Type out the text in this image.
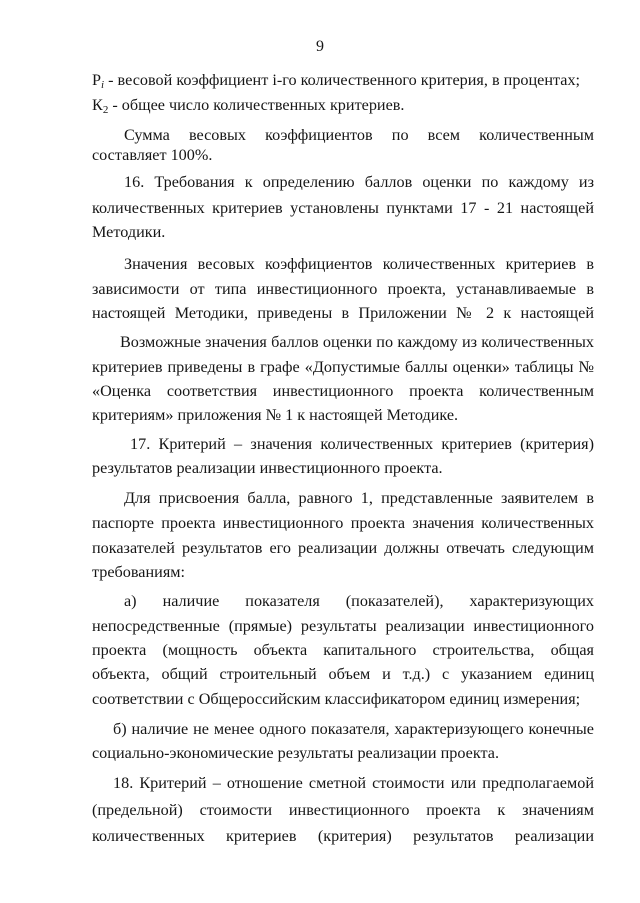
9
$P_i$ - весовой коэффициент i-го количественного критерия, в процентах;
$К_2$ - общее число количественных критериев.
Сумма весовых коэффициентов по всем количественным
составляет 100%.
16. Требования к определению баллов оценки по каждому из
количественных критериев установлены пунктами 17 - 21 настоящей
Методики.
Значения весовых коэффициентов количественных критериев в
зависимости от типа инвестиционного проекта, устанавливаемые в
настоящей Методики, приведены в Приложении № 2 к настоящей
Возможные значения баллов оценки по каждому из количественных
критериев приведены в графе «Допустимые баллы оценки» таблицы №
«Оценка соответствия инвестиционного проекта количественным
критериям» приложения № 1 к настоящей Методике.
17. Критерий – значения количественных критериев (критерия)
результатов реализации инвестиционного проекта.
Для присвоения балла, равного 1, представленные заявителем в
паспорте проекта инвестиционного проекта значения количественных
показателей результатов его реализации должны отвечать следующим
требованиям:
а) наличие показателя (показателей), характеризующих
непосредственные (прямые) результаты реализации инвестиционного
проекта (мощность объекта капитального строительства, общая
объекта, общий строительный объем и т.д.) с указанием единиц
соответствии с Общероссийским классификатором единиц измерения;
б) наличие не менее одного показателя, характеризующего конечные
социально-экономические результаты реализации проекта.
18. Критерий – отношение сметной стоимости или предполагаемой
(предельной) стоимости инвестиционного проекта к значениям
количественных критериев (критерия) результатов реализации
